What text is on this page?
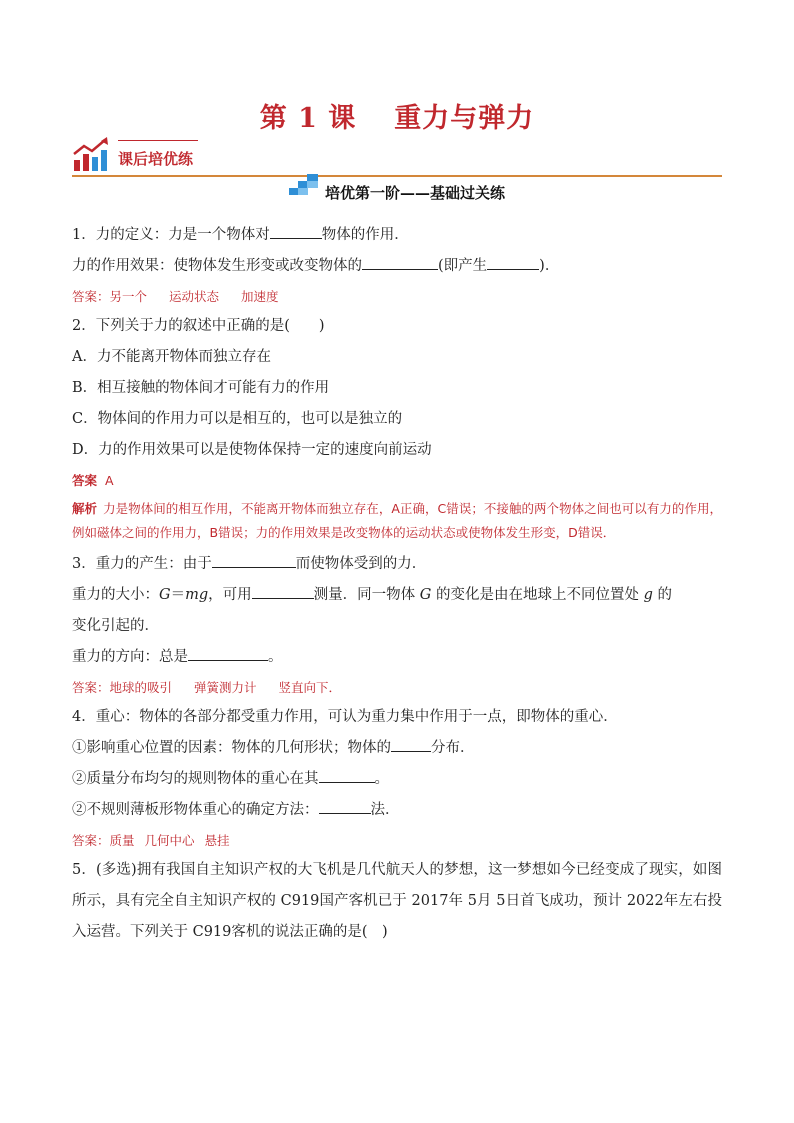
第 1 课 重力与弹力
课后培优练
培优第一阶——基础过关练

1．力的定义：力是一个物体对	物体的作用．

力的作用效果：使物体发生形变或改变物体的	(即产生	)．

答案：另一个 运动状态 加速度

2．下列关于力的叙述中正确的是(　　)

A．力不能离开物体而独立存在

B．相互接触的物体间才可能有力的作用

C．物体间的作用力可以是相互的，也可以是独立的

D．力的作用效果可以是使物体保持一定的速度向前运动

答案 A

解析 力是物体间的相互作用，不能离开物体而独立存在，A正确，C错误；不接触的两个物体之间也可以有力的作用，例如磁体之间的作用力，B错误；力的作用效果是改变物体的运动状态或使物体发生形变，D错误．

3．重力的产生：由于	而使物体受到的力．

重力的大小：G＝mg，可用	测量．同一物体 G 的变化是由在地球上不同位置处 g 的

变化引起的．

重力的方向：总是	。

答案：地球的吸引 弹簧测力计 竖直向下．

4．重心：物体的各部分都受重力作用，可认为重力集中作用于一点，即物体的重心．

①影响重心位置的因素：物体的几何形状；物体的	分布．

②质量分布均匀的规则物体的重心在其	。

②不规则薄板形物体重心的确定方法：	法．

答案：质量 几何中心 悬挂

5．(多选)拥有我国自主知识产权的大飞机是几代航天人的梦想，这一梦想如今已经变成了现实，如图所示，具有完全自主知识产权的 C919国产客机已于 2017年 5月 5日首飞成功，预计 2022年左右投入运营。下列关于 C919客机的说法正确的是(　)
